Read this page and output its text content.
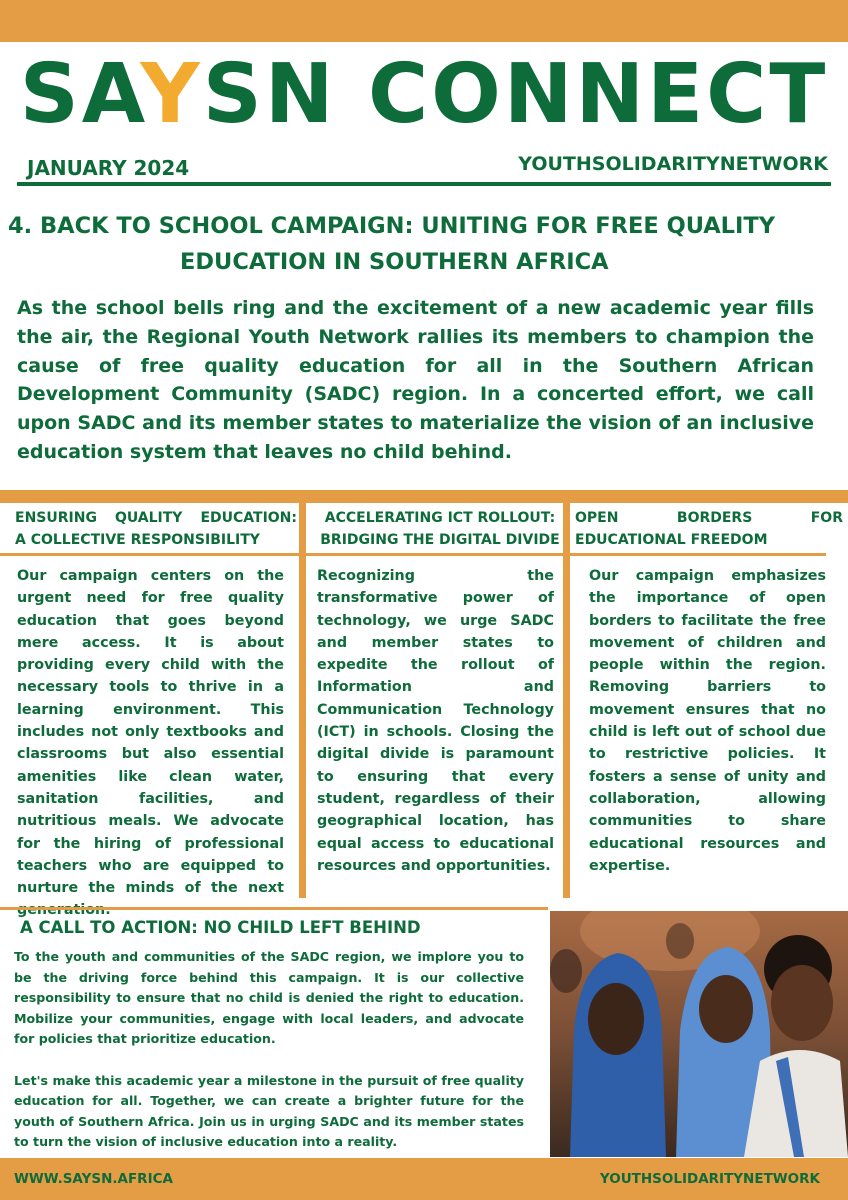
SAYSN CONNECT
JANUARY 2024	YOUTHSOLIDARITYNETWORK
4. BACK TO SCHOOL CAMPAIGN: UNITING FOR FREE QUALITY
EDUCATION IN SOUTHERN AFRICA

As the school bells ring and the excitement of a new academic year fills the air, the Regional Youth Network rallies its members to champion the cause of free quality education for all in the Southern African Development Community (SADC) region. In a concerted effort, we call upon SADC and its member states to materialize the vision of an inclusive education system that leaves no child behind.

ENSURING QUALITY EDUCATION:
A COLLECTIVE RESPONSIBILITY

Our campaign centers on the urgent need for free quality education that goes beyond mere access. It is about providing every child with the necessary tools to thrive in a learning environment. This includes not only textbooks and classrooms but also essential amenities like clean water, sanitation facilities, and nutritious meals. We advocate for the hiring of professional teachers who are equipped to nurture the minds of the next generation.

ACCELERATING ICT ROLLOUT:
BRIDGING THE DIGITAL DIVIDE

Recognizing the transformative power of technology, we urge SADC and member states to expedite the rollout of Information and Communication Technology (ICT) in schools. Closing the digital divide is paramount to ensuring that every student, regardless of their geographical location, has equal access to educational resources and opportunities.

OPEN BORDERS FOR
EDUCATIONAL FREEDOM

Our campaign emphasizes the importance of open borders to facilitate the free movement of children and people within the region. Removing barriers to movement ensures that no child is left out of school due to restrictive policies. It fosters a sense of unity and collaboration, allowing communities to share educational resources and expertise.

A CALL TO ACTION: NO CHILD LEFT BEHIND

To the youth and communities of the SADC region, we implore you to be the driving force behind this campaign. It is our collective responsibility to ensure that no child is denied the right to education. Mobilize your communities, engage with local leaders, and advocate for policies that prioritize education.

Let's make this academic year a milestone in the pursuit of free quality education for all. Together, we can create a brighter future for the youth of Southern Africa. Join us in urging SADC and its member states to turn the vision of inclusive education into a reality.

WWW.SAYSN.AFRICA	YOUTHSOLIDARITYNETWORK
